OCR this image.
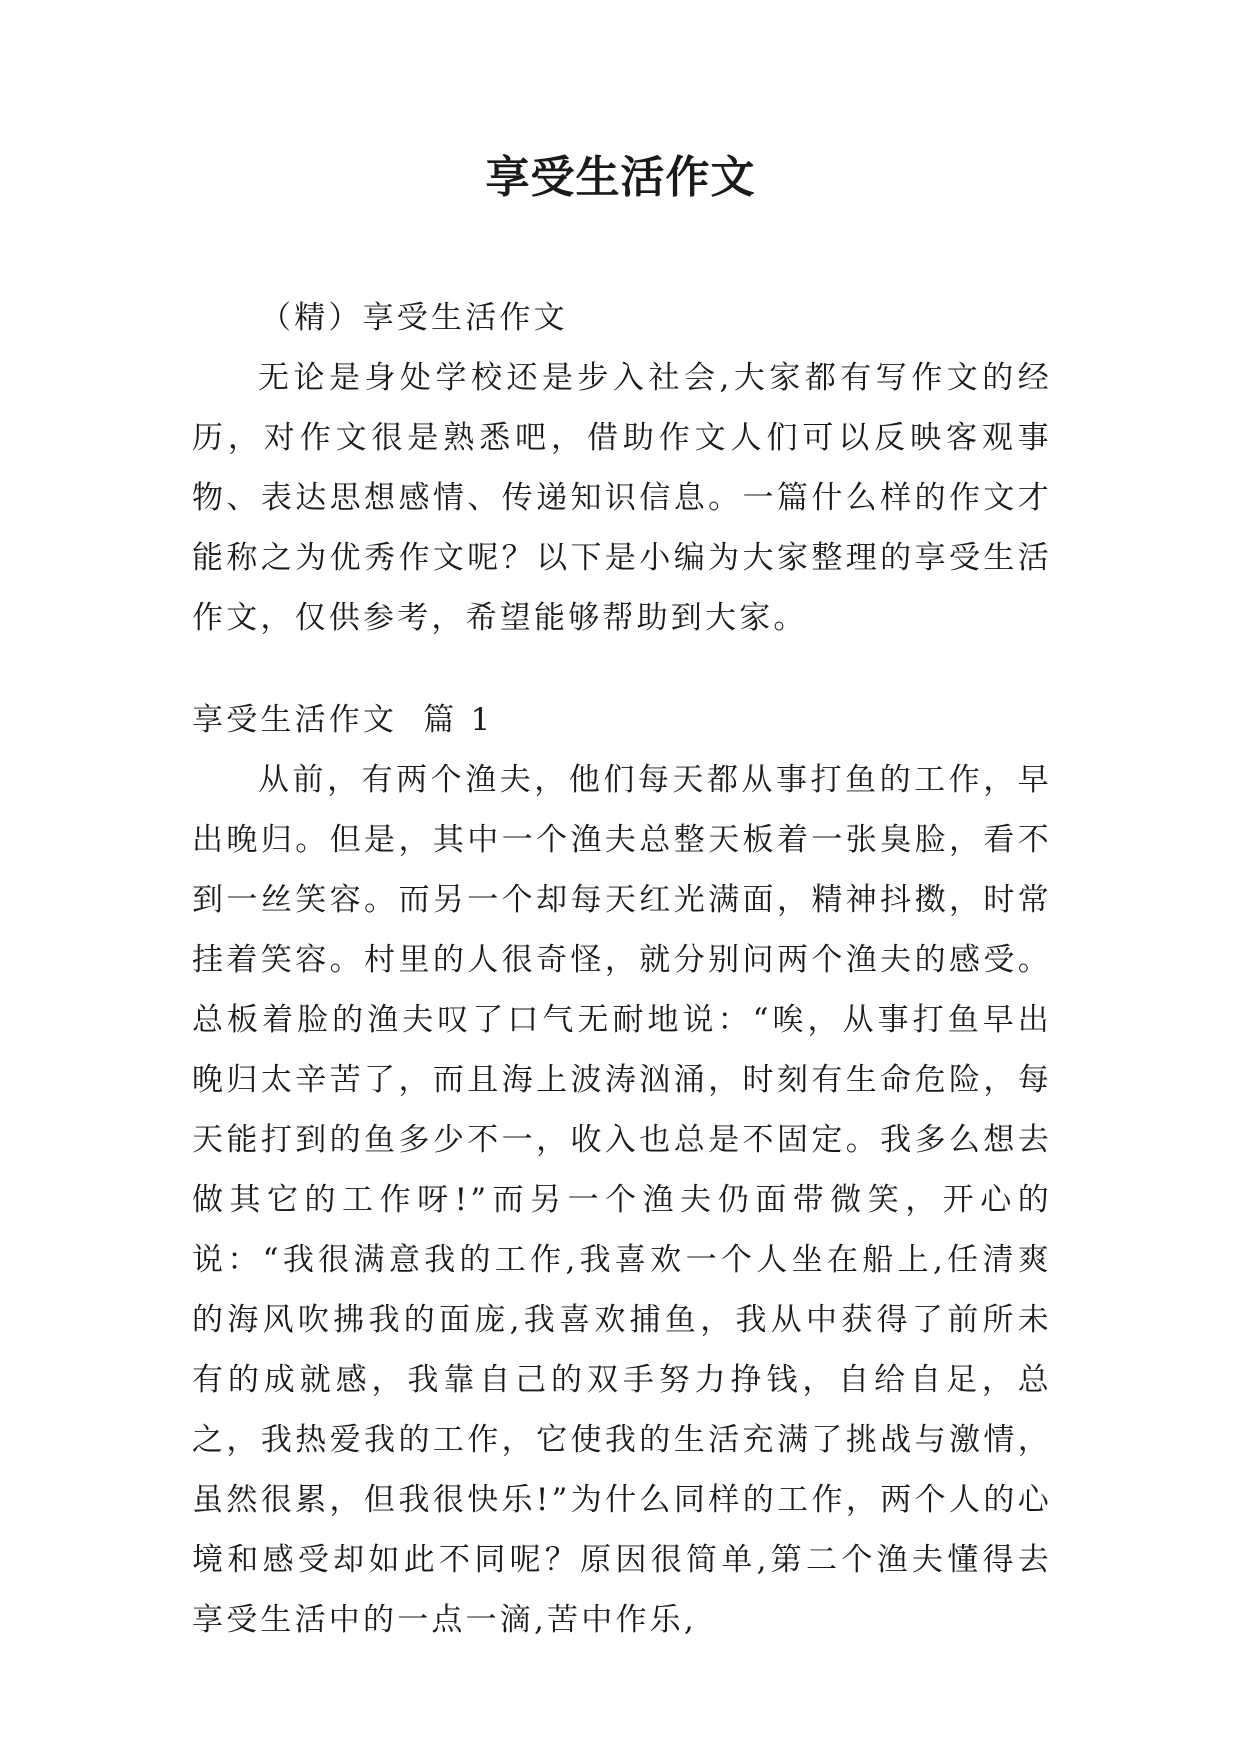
享受生活作文

（精）享受生活作文

无论是身处学校还是步入社会,大家都有写作文的经历，对作文很是熟悉吧，借助作文人们可以反映客观事物、表达思想感情、传递知识信息。一篇什么样的作文才能称之为优秀作文呢？以下是小编为大家整理的享受生活作文，仅供参考，希望能够帮助到大家。

享受生活作文  篇 1

从前，有两个渔夫，他们每天都从事打鱼的工作，早出晚归。但是，其中一个渔夫总整天板着一张臭脸，看不到一丝笑容。而另一个却每天红光满面，精神抖擞，时常挂着笑容。村里的人很奇怪，就分别问两个渔夫的感受。总板着脸的渔夫叹了口气无耐地说：“唉，从事打鱼早出晚归太辛苦了，而且海上波涛汹涌，时刻有生命危险，每天能打到的鱼多少不一，收入也总是不固定。我多么想去做其它的工作呀!”而另一个渔夫仍面带微笑，开心的说：“我很满意我的工作,我喜欢一个人坐在船上,任清爽的海风吹拂我的面庞,我喜欢捕鱼，我从中获得了前所未有的成就感，我靠自己的双手努力挣钱，自给自足，总之，我热爱我的工作，它使我的生活充满了挑战与激情，虽然很累，但我很快乐!”为什么同样的工作，两个人的心境和感受却如此不同呢？原因很简单,第二个渔夫懂得去享受生活中的一点一滴,苦中作乐,
